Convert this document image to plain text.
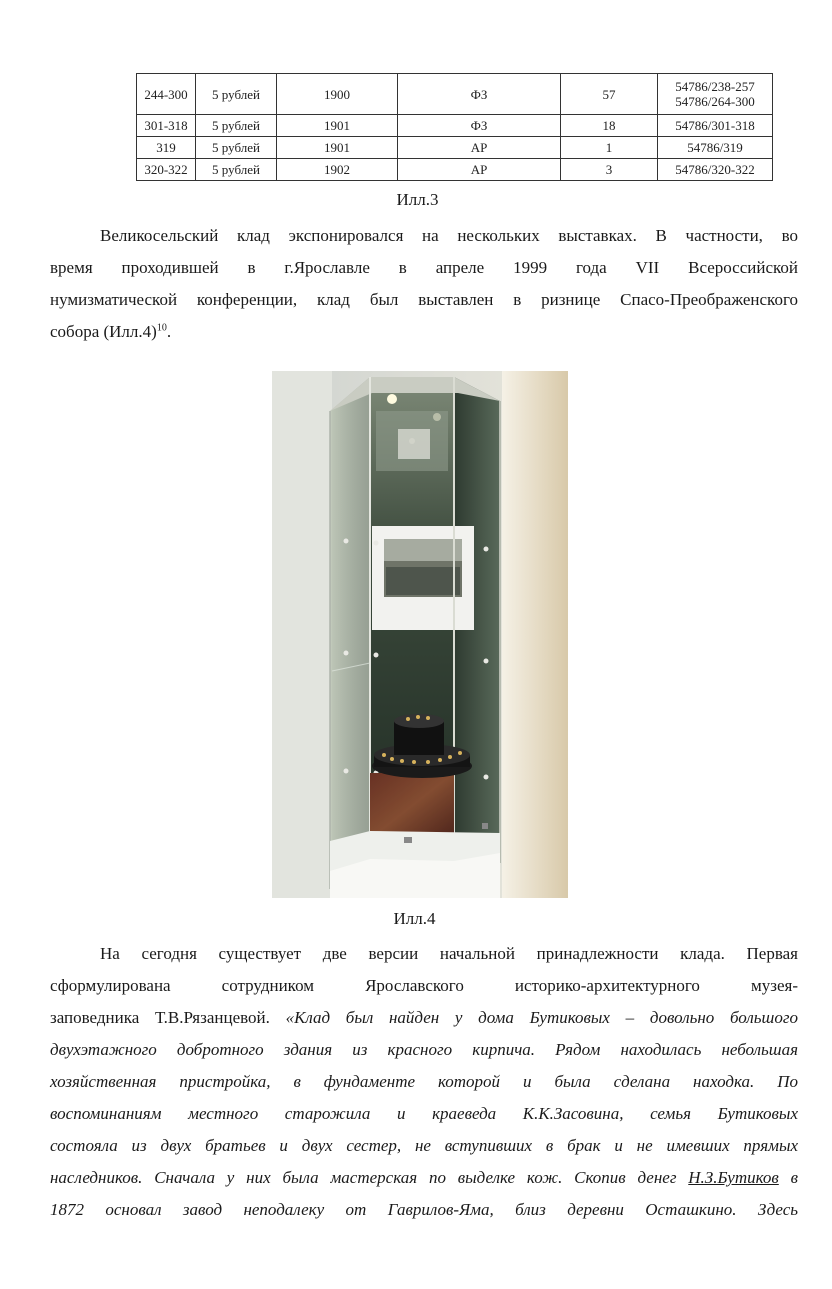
244-300	5 рублей	1900	ФЗ	57	54786/238-257
54786/264-300

301-318	5 рублей	1901	ФЗ	18	54786/301-318
319	5 рублей	1901	АР	1	54786/319
320-322	5 рублей	1902	АР	3	54786/320-322
Илл.3
Великосельский клад экспонировался на нескольких выставках. В частности, во
время проходившей в г.Ярославле в апреле 1999 года VII Всероссийской
нумизматической конференции, клад был выставлен в ризнице Спасо-Преображенского
собора $(Илл.4)^{10}$.
Илл.4
На сегодня существует две версии начальной принадлежности клада. Первая
сформулирована сотрудником Ярославского историко-архитектурного музея-
заповедника Т.В.Рязанцевой. «Клад был найден у дома Бутиковых – довольно большого
двухэтажного добротного здания из красного кирпича. Рядом находилась небольшая
хозяйственная пристройка, в фундаменте которой и была сделана находка. По
воспоминаниям местного старожила и краеведа К.К.Засовина, семья Бутиковых
состояла из двух братьев и двух сестер, не вступивших в брак и не имевших прямых
наследников. Сначала у них была мастерская по выделке кож. Скопив денег Н.З.Бутиков в
1872 основал завод неподалеку от Гаврилов-Яма, близ деревни Осташкино. Здесь
